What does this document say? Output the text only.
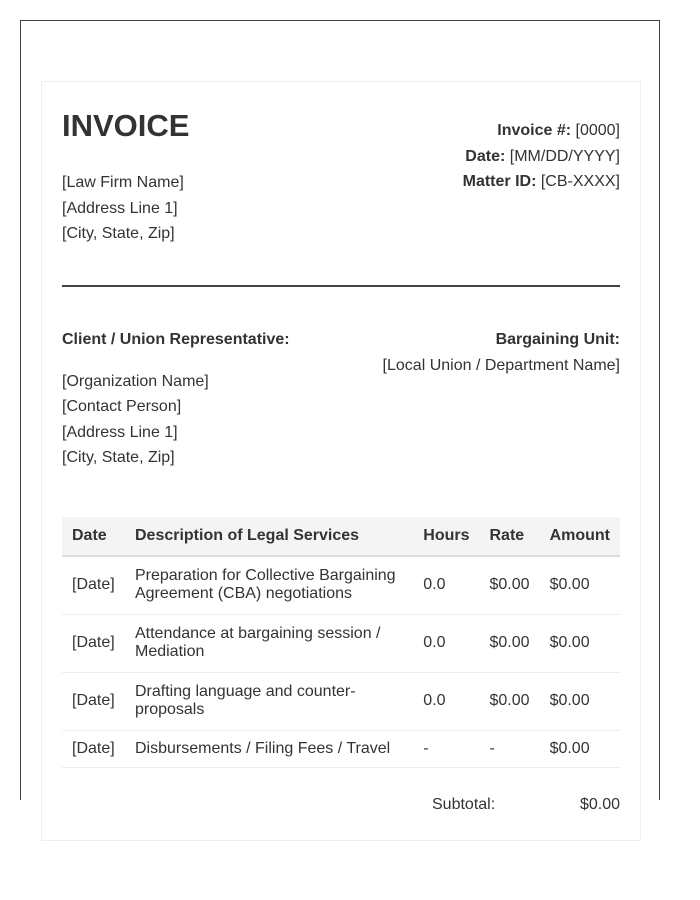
INVOICE
[Law Firm Name]
[Address Line 1]
[City, State, Zip]
Invoice #: [0000]
Date: [MM/DD/YYYY]
Matter ID: [CB-XXXX]
Client / Union Representative:
[Organization Name]
[Contact Person]
[Address Line 1]
[City, State, Zip]
Bargaining Unit:
[Local Union / Department Name]
Date	Description of Legal Services	Hours	Rate	Amount
[Date]	Preparation for Collective Bargaining Agreement (CBA) negotiations	0.0	$0.00	$0.00
[Date]	Attendance at bargaining session / Mediation	0.0	$0.00	$0.00
[Date]	Drafting language and counter-proposals	0.0	$0.00	$0.00
[Date]	Disbursements / Filing Fees / Travel	-	-	$0.00
Subtotal:	$0.00
